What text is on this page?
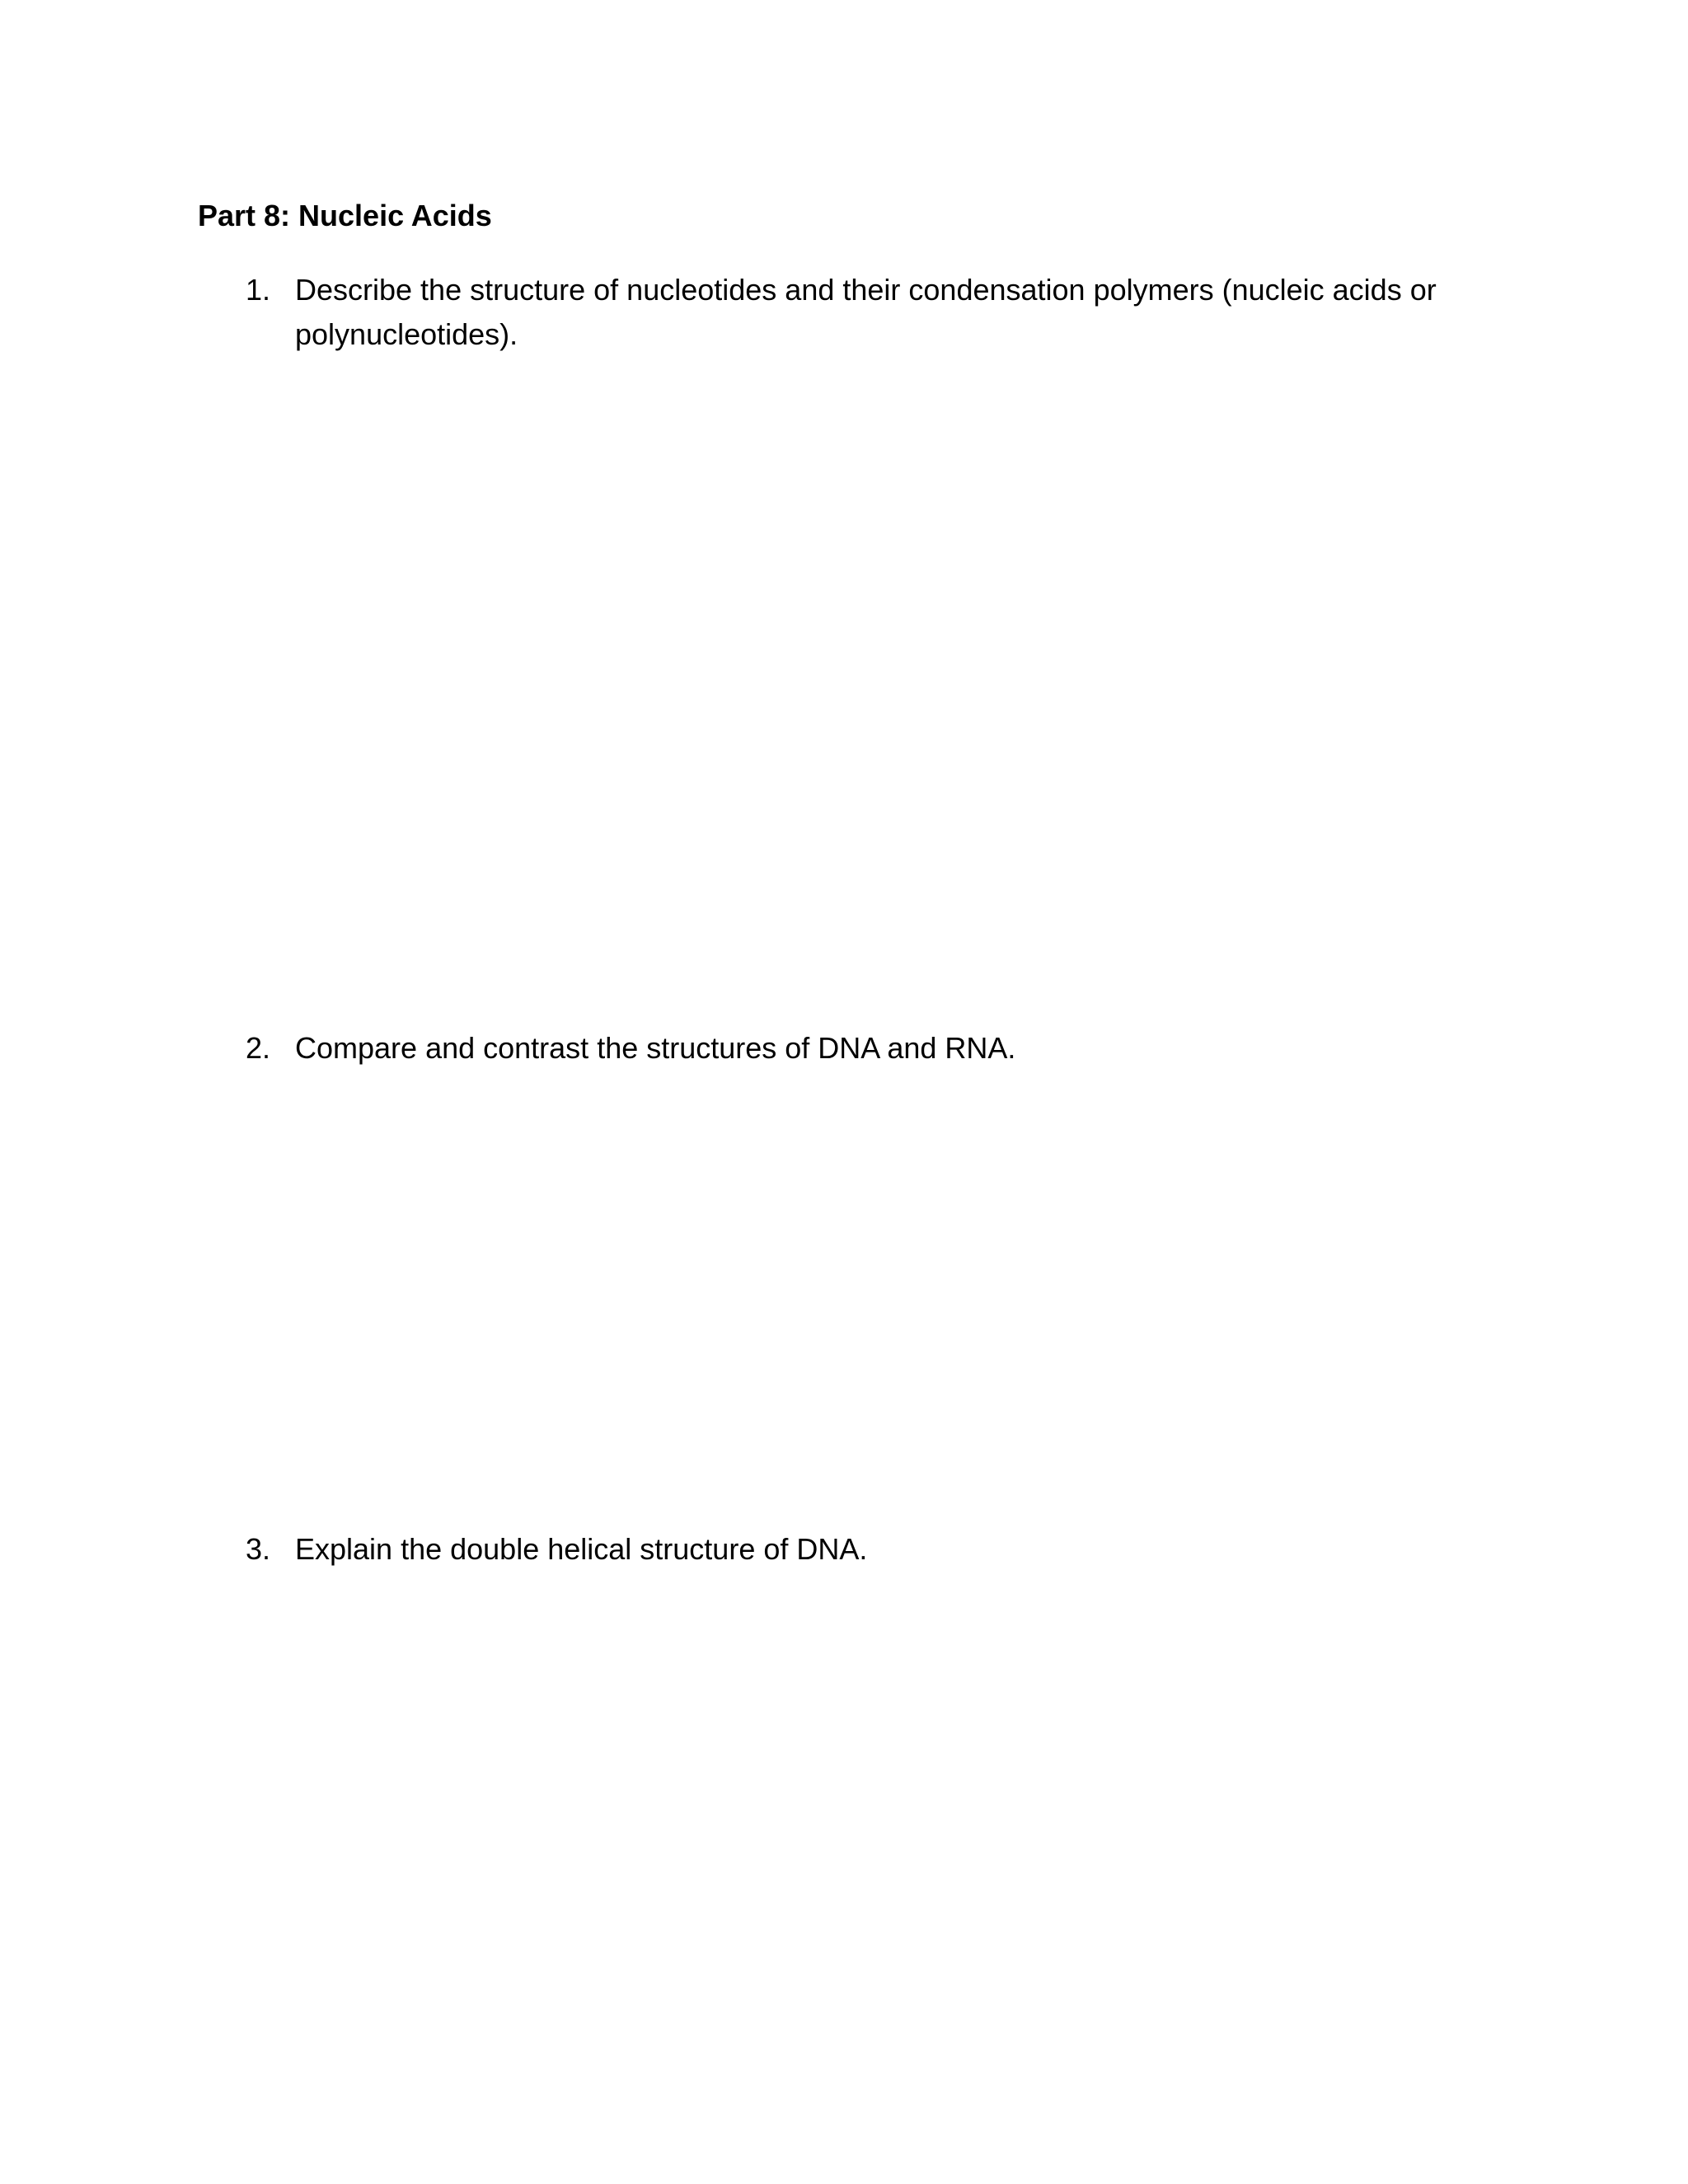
Part 8: Nucleic Acids
1. Describe the structure of nucleotides and their condensation polymers (nucleic acids or polynucleotides).
2. Compare and contrast the structures of DNA and RNA.
3. Explain the double helical structure of DNA.
